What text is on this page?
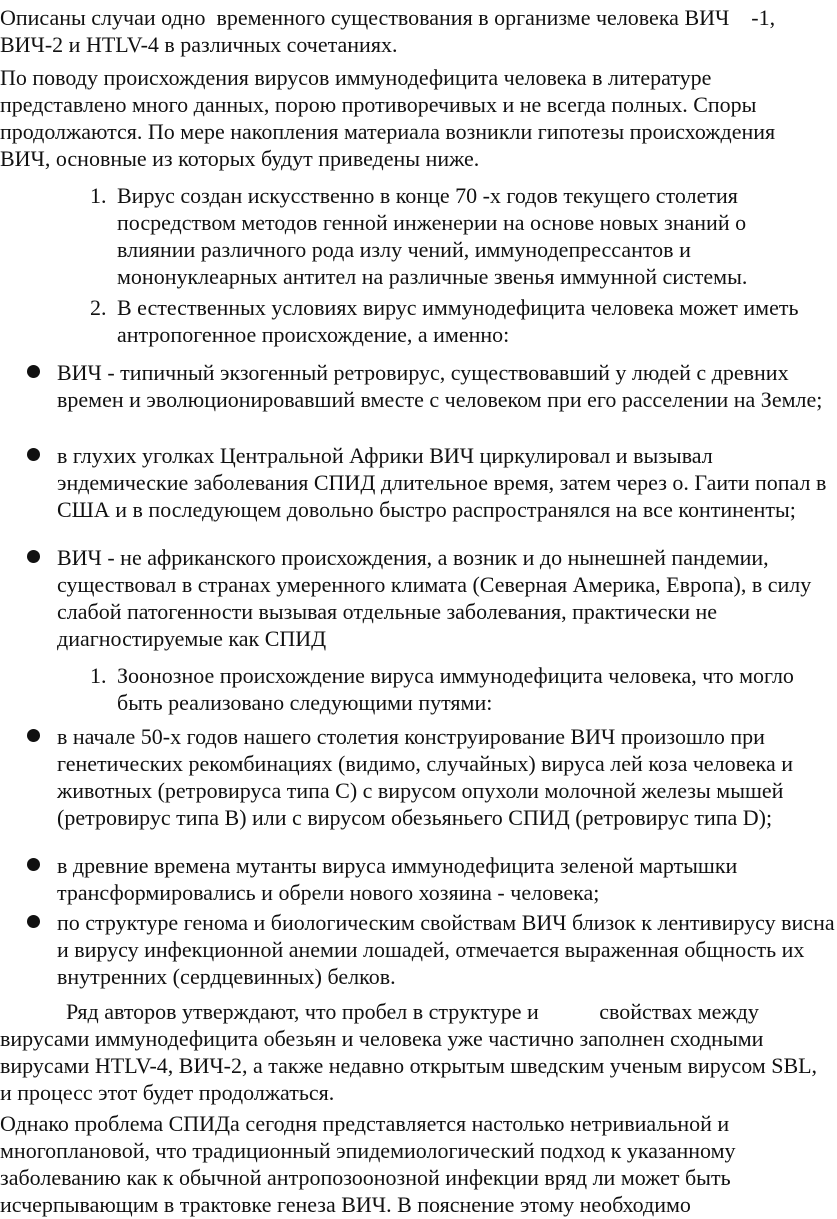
Описаны случаи одно  временного существования в организме человека ВИЧ    -1, ВИЧ-2 и HTLV-4 в различных сочетаниях.

По поводу происхождения вирусов иммунодефицита человека в литературе представлено много данных, порою противоречивых и не всегда полных. Споры продолжаются. По мере накопления материала возникли гипотезы происхождения ВИЧ, основные из которых будут приведены ниже.

1. Вирус создан искусственно в конце 70 -х годов текущего столетия посредством методов генной инженерии на основе новых знаний о влиянии различного рода излу чений, иммунодепрессантов и мононуклеарных антител на различные звенья иммунной системы.
2. В естественных условиях вирус иммунодефицита человека может иметь антропогенное происхождение, а именно:
ВИЧ - типичный экзогенный ретровирус, существовавший у людей с древних времен и эволюционировавший вместе с человеком при его расселении на Земле;
в глухих уголках Центральной Африки ВИЧ циркулировал и вызывал эндемические заболевания СПИД длительное время, затем через о. Гаити попал в США и в последующем довольно быстро распространялся на все континенты;
ВИЧ - не африканского происхождения, а возник и до нынешней пандемии, существовал в странах умеренного климата (Северная Америка, Европа), в силу слабой патогенности вызывая отдельные заболевания, практически не диагностируемые как СПИД
1. Зоонозное происхождение вируса иммунодефицита человека, что могло быть реализовано следующими путями:
в начале 50-х годов нашего столетия конструирование ВИЧ произошло при генетических рекомбинациях (видимо, случайных) вируса лей коза человека и животных (ретровируса типа С) с вирусом опухоли молочной железы мышей (ретровирус типа В) или с вирусом обезьяньего СПИД (ретровирус типа D);
в древние времена мутанты вируса иммунодефицита зеленой мартышки трансформировались и обрели нового хозяина - человека;
по структуре генома и биологическим свойствам ВИЧ близок к лентивирусу висна и вирусу инфекционной анемии лошадей, отмечается выраженная общность их внутренних (сердцевинных) белков.

Ряд авторов утверждают, что пробел в структуре и           свойствах между вирусами иммунодефицита обезьян и человека уже частично заполнен сходными вирусами HTLV-4, ВИЧ-2, а также недавно открытым шведским ученым вирусом SBL, и процесс этот будет продолжаться.

Однако проблема СПИДа сегодня представляется настолько нетривиальной и многоплановой, что традиционный эпидемиологический подход к указанному заболеванию как к обычной антропозоонозной инфекции вряд ли может быть исчерпывающим в трактовке генеза ВИЧ. В пояснение этому необходимо
